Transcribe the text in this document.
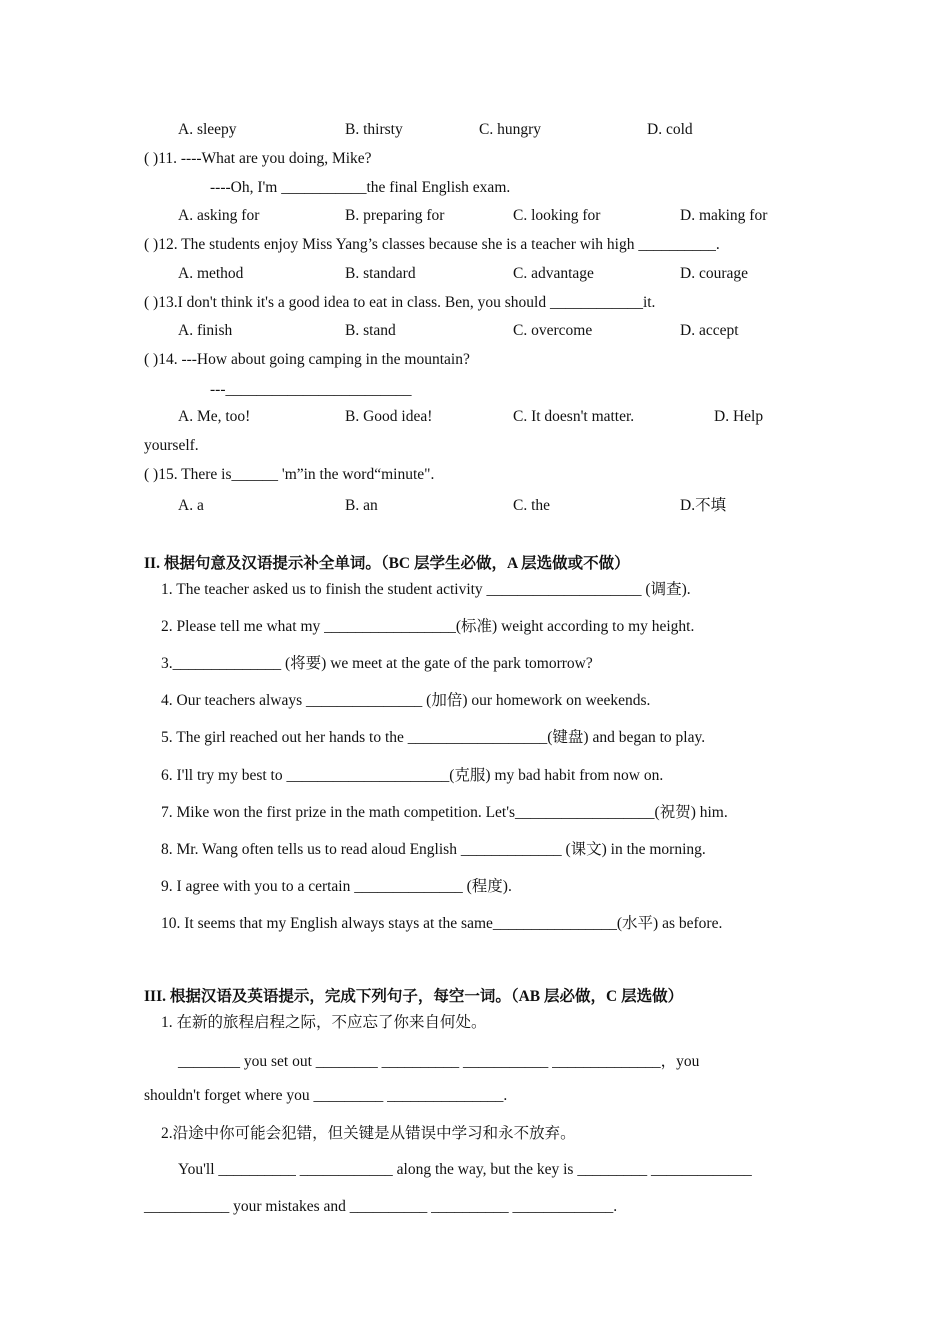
A. sleepy	B. thirsty	C. hungry	D. cold
( )11. ----What are you doing, Mike?
----Oh, I'm ___________the final English exam.
A. asking for	B. preparing for	C. looking for	D. making for
( )12. The students enjoy Miss Yang’s classes because she is a teacher wih high __________.
A. method	B. standard	C. advantage	D. courage
( )13.I don't think it's a good idea to eat in class. Ben, you should ____________it.
A. finish	B. stand	C. overcome	D. accept
( )14. ---How about going camping in the mountain?
---________________________
A. Me, too!	B. Good idea!	C. It doesn't matter.	D. Help
yourself.
( )15. There is______ 'm”in the word“minute".
A. a	B. an	C. the	D.不填
II. 根据句意及汉语提示补全单词。（BC 层学生必做，A 层选做或不做）
1. The teacher asked us to finish the student activity ____________________ (调查).
2. Please tell me what my _________________(标准) weight according to my height.
3.______________ (将要) we meet at the gate of the park tomorrow?
4. Our teachers always _______________ (加倍) our homework on weekends.
5. The girl reached out her hands to the __________________(键盘) and began to play.
6. I'll try my best to _____________________(克服) my bad habit from now on.
7. Mike won the first prize in the math competition. Let's__________________(祝贺) him.
8. Mr. Wang often tells us to read aloud English _____________ (课文) in the morning.
9. I agree with you to a certain ______________ (程度).
10. It seems that my English always stays at the same________________(水平) as before.
III. 根据汉语及英语提示，完成下列句子，每空一词。（AB 层必做，C 层选做）
1. 在新的旅程启程之际，不应忘了你来自何处。
________ you set out ________ __________ ___________ ______________，you
shouldn't forget where you _________ _______________.
2.沿途中你可能会犯错，但关键是从错误中学习和永不放弃。
You'll __________ ____________ along the way, but the key is _________ _____________
___________ your mistakes and __________ __________ _____________.
